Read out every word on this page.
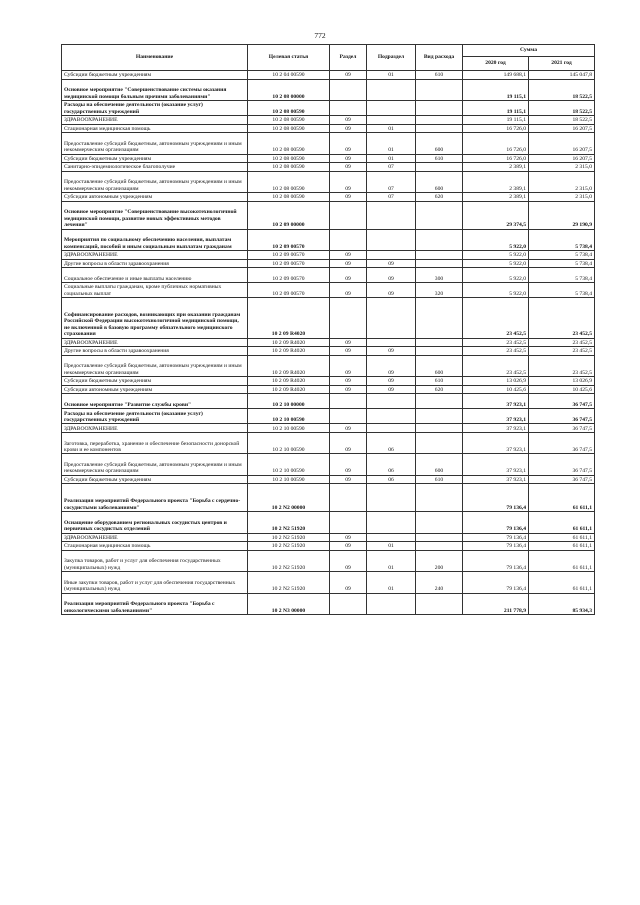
772
Наименование	Целевая статья	Раздел	Подраздел	Вид расхода	Сумма	
					2020 год	2021 год
Субсидии бюджетным учреждениям	10 2 04 00590	09	01	610	149 688,1	145 047,8
Основное мероприятие "Совершенствование системы оказания медицинской помощи больным прочими заболеваниями"	10 2 08 00000				19 115,1	18 522,5
Расходы на обеспечение деятельности (оказание услуг) государственных учреждений	10 2 08 00590				19 115,1	18 522,5
ЗДРАВООХРАНЕНИЕ	10 2 08 00590	09			19 115,1	18 522,5
Стационарная медицинская помощь	10 2 08 00590	09	01		16 726,0	16 207,5
Предоставление субсидий бюджетным, автономным учреждениям и иным некоммерческим организациям	10 2 08 00590	09	01	600	16 726,0	16 207,5
Субсидии бюджетным учреждениям	10 2 08 00590	09	01	610	16 726,0	16 207,5
Санитарно-эпидемиологическое благополучие	10 2 08 00590	09	07		2 389,1	2 315,0
Предоставление субсидий бюджетным, автономным учреждениям и иным некоммерческим организациям	10 2 08 00590	09	07	600	2 389,1	2 315,0
Субсидии автономным учреждениям	10 2 08 00590	09	07	620	2 389,1	2 315,0
Основное мероприятие "Совершенствование высокотехнологичной медицинской помощи, развитие новых эффективных методов лечения"	10 2 09 00000				29 374,5	29 190,9
Мероприятия по социальному обеспечению населения, выплатам компенсаций, пособий и иным социальным выплатам гражданам	10 2 09 00570				5 922,0	5 738,4
ЗДРАВООХРАНЕНИЕ	10 2 09 00570	09			5 922,0	5 738,4
Другие вопросы в области здравоохранения	10 2 09 00570	09	09		5 922,0	5 738,4
Социальное обеспечение и иные выплаты населению	10 2 09 00570	09	09	300	5 922,0	5 738,4
Социальные выплаты гражданам, кроме публичных нормативных социальных выплат	10 2 09 00570	09	09	320	5 922,0	5 738,4
Софинансирование расходов, возникающих при оказании гражданам Российской Федерации высокотехнологичной медицинской помощи, не включенной в базовую программу обязательного медицинского страхования	10 2 09 R4020				23 452,5	23 452,5
ЗДРАВООХРАНЕНИЕ	10 2 09 R4020	09			23 452,5	23 452,5
Другие вопросы в области здравоохранения	10 2 09 R4020	09	09		23 452,5	23 452,5
Предоставление субсидий бюджетным, автономным учреждениям и иным некоммерческим организациям	10 2 09 R4020	09	09	600	23 452,5	23 452,5
Субсидии бюджетным учреждениям	10 2 09 R4020	09	09	610	13 026,9	13 026,9
Субсидии автономным учреждениям	10 2 09 R4020	09	09	620	10 425,6	10 425,6
Основное мероприятие "Развитие службы крови"	10 2 10 00000				37 923,1	36 747,5
Расходы на обеспечение деятельности (оказание услуг) государственных учреждений	10 2 10 00590				37 923,1	36 747,5
ЗДРАВООХРАНЕНИЕ	10 2 10 00590	09			37 923,1	36 747,5
Заготовка, переработка, хранение и обеспечение безопасности донорской крови и ее компонентов	10 2 10 00590	09	06		37 923,1	36 747,5
Предоставление субсидий бюджетным, автономным учреждениям и иным некоммерческим организациям	10 2 10 00590	09	06	600	37 923,1	36 747,5
Субсидии бюджетным учреждениям	10 2 10 00590	09	06	610	37 923,1	36 747,5
Реализация мероприятий Федерального проекта "Борьба с сердечно-сосудистыми заболеваниями"	10 2 N2 00000				79 136,4	61 611,1
Оснащение оборудованием региональных сосудистых центров и первичных сосудистых отделений	10 2 N2 51920				79 136,4	61 611,1
ЗДРАВООХРАНЕНИЕ	10 2 N2 51920	09			79 136,4	61 611,1
Стационарная медицинская помощь	10 2 N2 51920	09	01		79 136,4	61 611,1
Закупка товаров, работ и услуг для обеспечения государственных (муниципальных) нужд	10 2 N2 51920	09	01	200	79 136,4	61 611,1
Иные закупки товаров, работ и услуг для обеспечения государственных (муниципальных) нужд	10 2 N2 51920	09	01	240	79 136,4	61 611,1
Реализация мероприятий Федерального проекта "Борьба с онкологическими заболеваниями"	10 2 N3 00000				211 778,9	85 934,3
